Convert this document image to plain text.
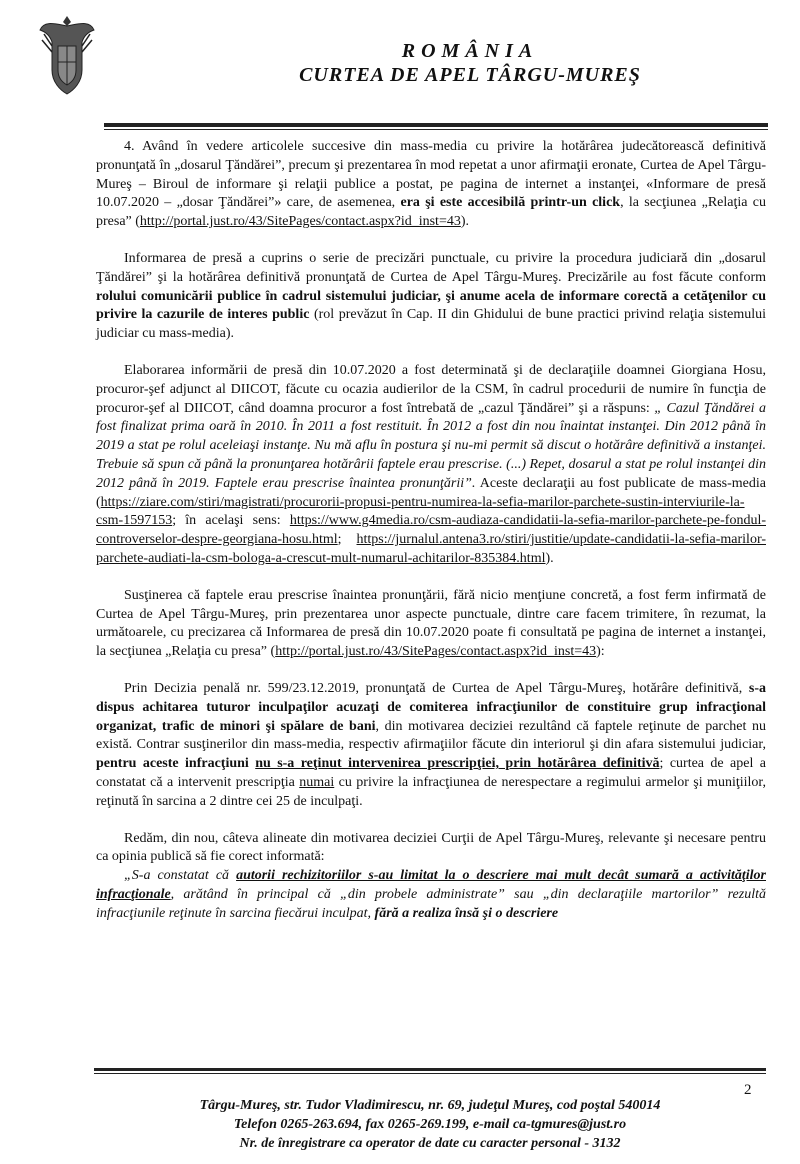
ROMÂNIA
CURTEA DE APEL TÂRGU-MUREŞ

4. Având în vedere articolele succesive din mass-media cu privire la hotărârea judecătorească definitivă pronunţată în „dosarul Ţăndărei”, precum şi prezentarea în mod repetat a unor afirmaţii eronate, Curtea de Apel Târgu-Mureş – Biroul de informare şi relaţii publice a postat, pe pagina de internet a instanţei, «Informare de presă 10.07.2020 – „dosar Ţăndărei”» care, de asemenea, era şi este accesibilă printr-un click, la secţiunea „Relaţia cu presa” (http://portal.just.ro/43/SitePages/contact.aspx?id_inst=43).

Informarea de presă a cuprins o serie de precizări punctuale, cu privire la procedura judiciară din „dosarul Ţăndărei” şi la hotărârea definitivă pronunţată de Curtea de Apel Târgu-Mureş. Precizările au fost făcute conform rolului comunicării publice în cadrul sistemului judiciar, şi anume acela de informare corectă a cetăţenilor cu privire la cazurile de interes public (rol prevăzut în Cap. II din Ghidului de bune practici privind relaţia sistemului judiciar cu mass-media).

Elaborarea informării de presă din 10.07.2020 a fost determinată şi de declaraţiile doamnei Giorgiana Hosu, procuror-şef adjunct al DIICOT, făcute cu ocazia audierilor de la CSM, în cadrul procedurii de numire în funcţia de procuror-şef al DIICOT, când doamna procuror a fost întrebată de „cazul Ţăndărei” şi a răspuns: „ Cazul Ţăndărei a fost finalizat prima oară în 2010. În 2011 a fost restituit. În 2012 a fost din nou înaintat instanţei. Din 2012 până în 2019 a stat pe rolul aceleiaşi instanţe. Nu mă aflu în postura şi nu-mi permit să discut o hotărâre definitivă a instanţei. Trebuie să spun că până la pronunţarea hotărârii faptele erau prescrise. (...) Repet, dosarul a stat pe rolul instanţei din 2012 până în 2019. Faptele erau prescrise înaintea pronunţării”. Aceste declaraţii au fost publicate de mass-media (https://ziare.com/stiri/magistrati/procurorii-propusi-pentru-numirea-la-sefia-marilor-parchete-sustin-interviurile-la-csm-1597153; în acelaşi sens: https://www.g4media.ro/csm-audiaza-candidatii-la-sefia-marilor-parchete-pe-fondul-controverselor-despre-georgiana-hosu.html; https://jurnalul.antena3.ro/stiri/justitie/update-candidatii-la-sefia-marilor-parchete-audiati-la-csm-bologa-a-crescut-mult-numarul-achitarilor-835384.html).

Susţinerea că faptele erau prescrise înaintea pronunţării, fără nicio menţiune concretă, a fost ferm infirmată de Curtea de Apel Târgu-Mureş, prin prezentarea unor aspecte punctuale, dintre care facem trimitere, în rezumat, la următoarele, cu precizarea că Informarea de presă din 10.07.2020 poate fi consultată pe pagina de internet a instanţei, la secţiunea „Relaţia cu presa” (http://portal.just.ro/43/SitePages/contact.aspx?id_inst=43):

Prin Decizia penală nr. 599/23.12.2019, pronunţată de Curtea de Apel Târgu-Mureş, hotărâre definitivă, s-a dispus achitarea tuturor inculpaţilor acuzaţi de comiterea infracţiunilor de constituire grup infracţional organizat, trafic de minori şi spălare de bani, din motivarea deciziei rezultând că faptele reţinute de parchet nu există. Contrar susţinerilor din mass-media, respectiv afirmaţiilor făcute din interiorul şi din afara sistemului judiciar, pentru aceste infracţiuni nu s-a reţinut intervenirea prescripţiei, prin hotărârea definitivă; curtea de apel a constatat că a intervenit prescripţia numai cu privire la infracţiunea de nerespectare a regimului armelor şi muniţiilor, reţinută în sarcina a 2 dintre cei 25 de inculpaţi.

Redăm, din nou, câteva alineate din motivarea deciziei Curţii de Apel Târgu-Mureş, relevante şi necesare pentru ca opinia publică să fie corect informată:

„S-a constatat că autorii rechizitoriilor s-au limitat la o descriere mai mult decât sumară a activităţilor infracţionale, arătând în principal că „din probele administrate” sau „din declaraţiile martorilor” rezultă infracţiunile reţinute în sarcina fiecărui inculpat, fără a realiza însă şi o descriere

2
Târgu-Mureş, str. Tudor Vladimirescu, nr. 69, judeţul Mureş, cod poştal 540014
Telefon 0265-263.694, fax 0265-269.199, e-mail ca-tgmures@just.ro
Nr. de înregistrare ca operator de date cu caracter personal - 3132
